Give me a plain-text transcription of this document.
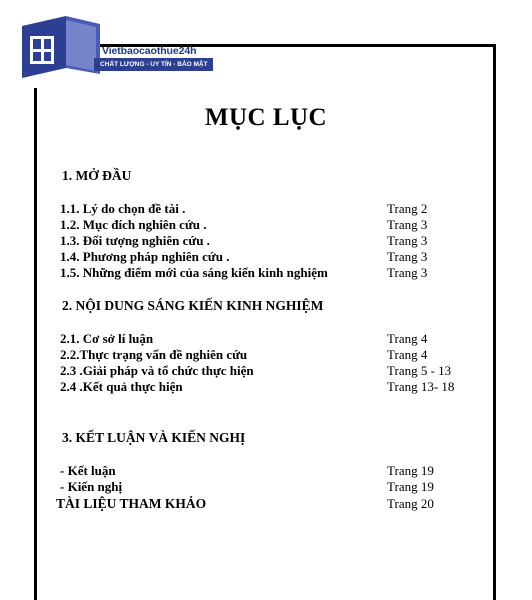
Vietbaocaothue24h
CHẤT LƯỢNG - UY TÍN - BẢO MẬT
MỤC LỤC
1. MỞ ĐẦU
1.1. Lý do chọn đề tài .	Trang 2
1.2. Mục đích nghiên cứu .	Trang 3
1.3. Đối tượng nghiên cứu .	Trang 3
1.4. Phương pháp nghiên cứu .	Trang 3
1.5. Những điểm mới của sáng kiến kinh nghiệm	Trang 3
2. NỘI DUNG SÁNG KIẾN KINH NGHIỆM
2.1. Cơ sở lí luận	Trang 4
2.2.Thực trạng vấn đề nghiên cứu	Trang 4
2.3 .Giải pháp và tổ chức thực hiện	Trang 5 - 13
2.4 .Kết quả thực hiện	Trang 13- 18
3. KẾT LUẬN VÀ KIẾN NGHỊ
- Kết luận	Trang 19
- Kiến nghị	Trang 19
TÀI LIỆU THAM KHẢO	Trang 20
